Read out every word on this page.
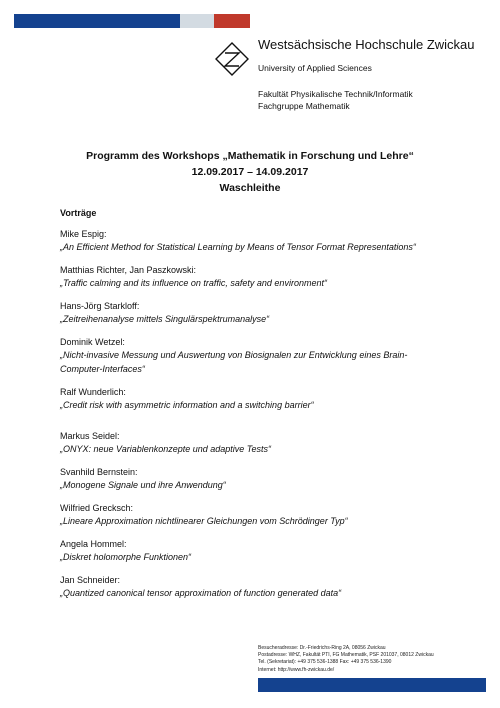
Westsächsische Hochschule Zwickau
University of Applied Sciences
Fakultät Physikalische Technik/Informatik
Fachgruppe Mathematik
Programm des Workshops „Mathematik in Forschung und Lehre“
12.09.2017 – 14.09.2017
Waschleithe
Vorträge
Mike Espig:
„An Efficient Method for Statistical Learning by Means of Tensor Format Representations“
Matthias Richter, Jan Paszkowski:
„Traffic calming and its influence on traffic, safety and environment“
Hans-Jörg Starkloff:
„Zeitreihenanalyse mittels Singulärspektrumanalyse“
Dominik Wetzel:
„Nicht-invasive Messung und Auswertung von Biosignalen zur Entwicklung eines Brain-Computer-Interfaces“
Ralf Wunderlich:
„Credit risk with asymmetric information and a switching barrier“
Markus Seidel:
„ONYX: neue Variablenkonzepte und adaptive Tests“
Svanhild Bernstein:
„Monogene Signale und ihre Anwendung“
Wilfried Grecksch:
„Lineare Approximation nichtlinearer Gleichungen vom Schrödinger Typ“
Angela Hommel:
„Diskret holomorphe Funktionen“
Jan Schneider:
„Quantized canonical tensor approximation of function generated data“
Besucheradresse: Dr.-Friedrichs-Ring 2A, 08056 Zwickau
Postadresse: WHZ, Fakultät PTI, FG Mathematik, PSF 201037, 08012 Zwickau
Tel. (Sekretariat): +49 375 536-1388 Fax: +49 375 536-1390
Internet: http://www.fh-zwickau.de/
